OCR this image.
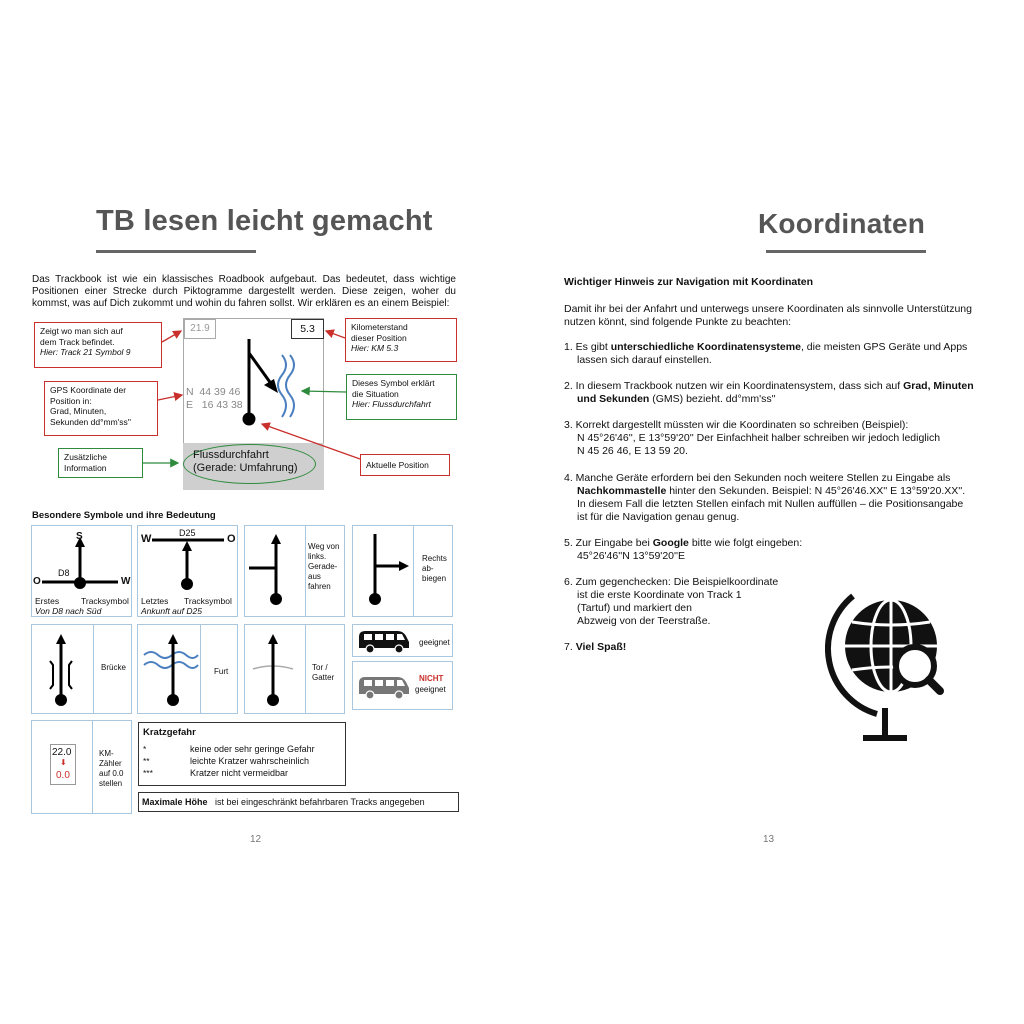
TB lesen leicht gemacht
Das Trackbook ist wie ein klassisches Roadbook aufgebaut. Das bedeutet, dass wichtige Positionen einer Strecke durch Piktogramme dargestellt werden. Diese zeigen, woher du kommst, was auf Dich zukommt und wohin du fahren sollst. Wir erklären es an einem Beispiel:
21.9	5.3
N  44 39 46
E   16 43 38
Flussdurchfahrt
(Gerade: Umfahrung)
Zeigt wo man sich auf
dem Track befindet.
Hier: Track 21 Symbol 9
GPS Koordinate der
Position in:
Grad, Minuten,
Sekunden dd°mm'ss''
Zusätzliche
Information
Kilometerstand
dieser Position
Hier: KM 5.3
Dieses Symbol erklärt
die Situation
Hier: Flussdurchfahrt
Aktuelle Position
Besondere Symbole und ihre Bedeutung
S
O	W
D8
Erstes	Tracksymbol
Von D8 nach Süd
W	O
D25
Letztes Tracksymbol
Ankunft auf D25
Weg von links. Gerade-aus fahren
Rechts ab-biegen
Brücke	Furt	Tor / Gatter
geeignet
NICHT
geeignet
22.0
⬇
0.0
KM-Zähler auf 0.0 stellen
Kratzgefahr
*	keine oder sehr geringe Gefahr
**	leichte Kratzer wahrscheinlich
***	Kratzer nicht vermeidbar
Maximale Höhe ist bei eingeschränkt befahrbaren Tracks angegeben
12
Koordinaten
Wichtiger Hinweis zur Navigation mit Koordinaten
Damit ihr bei der Anfahrt und unterwegs unsere Koordinaten als sinnvolle Unterstützung nutzen könnt, sind folgende Punkte zu beachten:
1. Es gibt unterschiedliche Koordinatensysteme, die meisten GPS Geräte und Apps
lassen sich darauf einstellen.
2. In diesem Trackbook nutzen wir ein Koordinatensystem, dass sich auf Grad, Minuten
und Sekunden (GMS) bezieht. dd°mm'ss''
3. Korrekt dargestellt müssten wir die Koordinaten so schreiben (Beispiel):
N 45°26'46'', E 13°59'20'' Der Einfachheit halber schreiben wir jedoch lediglich
N 45 26 46, E 13 59 20.
4. Manche Geräte erfordern bei den Sekunden noch weitere Stellen zu Eingabe als
Nachkommastelle hinter den Sekunden. Beispiel: N 45°26'46.XX'' E 13°59'20.XX''.
In diesem Fall die letzten Stellen einfach mit Nullen auffüllen – die Positionsangabe
ist für die Navigation genau genug.
5. Zur Eingabe bei Google bitte wie folgt eingeben:
45°26'46''N 13°59'20''E
6. Zum gegenchecken: Die Beispielkoordinate
ist die erste Koordinate von Track 1
(Tartuf) und markiert den
Abzweig von der Teerstraße.
7. Viel Spaß!
13
